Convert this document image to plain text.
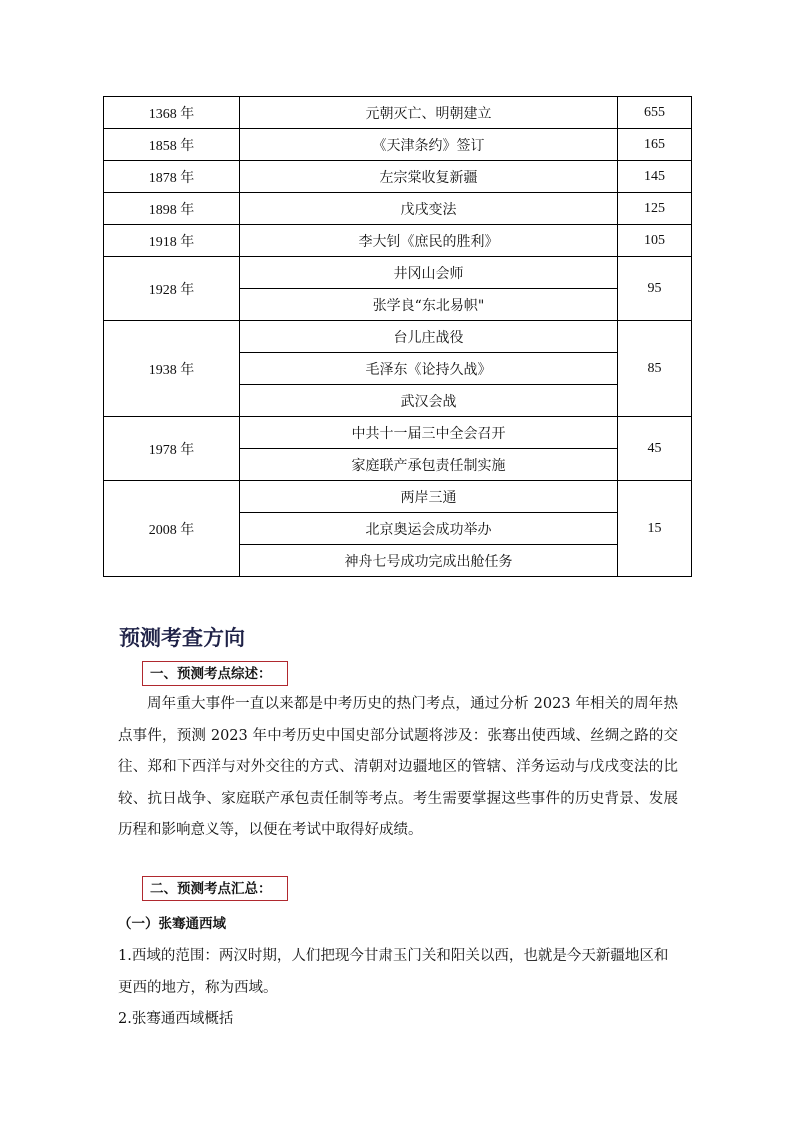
1368 年	元朝灭亡、明朝建立	655
1858 年	《天津条约》签订	165
1878 年	左宗棠收复新疆	145
1898 年	戊戌变法	125
1918 年	李大钊《庶民的胜利》	105
1928 年	井冈山会师	95
	张学良“东北易帜"	
1938 年	台儿庄战役	85
	毛泽东《论持久战》	
	武汉会战	
1978 年	中共十一届三中全会召开	45
	家庭联产承包责任制实施	
2008 年	两岸三通	15
	北京奥运会成功举办	
	神舟七号成功完成出舱任务	
预测考查方向
一、预测考点综述：
周年重大事件一直以来都是中考历史的热门考点，通过分析 2023 年相关的周年热点事件，预测 2023 年中考历史中国史部分试题将涉及：张骞出使西域、丝绸之路的交往、郑和下西洋与对外交往的方式、清朝对边疆地区的管辖、洋务运动与戊戌变法的比较、抗日战争、家庭联产承包责任制等考点。考生需要掌握这些事件的历史背景、发展历程和影响意义等，以便在考试中取得好成绩。
二、预测考点汇总：
（一）张骞通西域
1.西域的范围：两汉时期，人们把现今甘肃玉门关和阳关以西，也就是今天新疆地区和更西的地方，称为西域。
2.张骞通西域概括
